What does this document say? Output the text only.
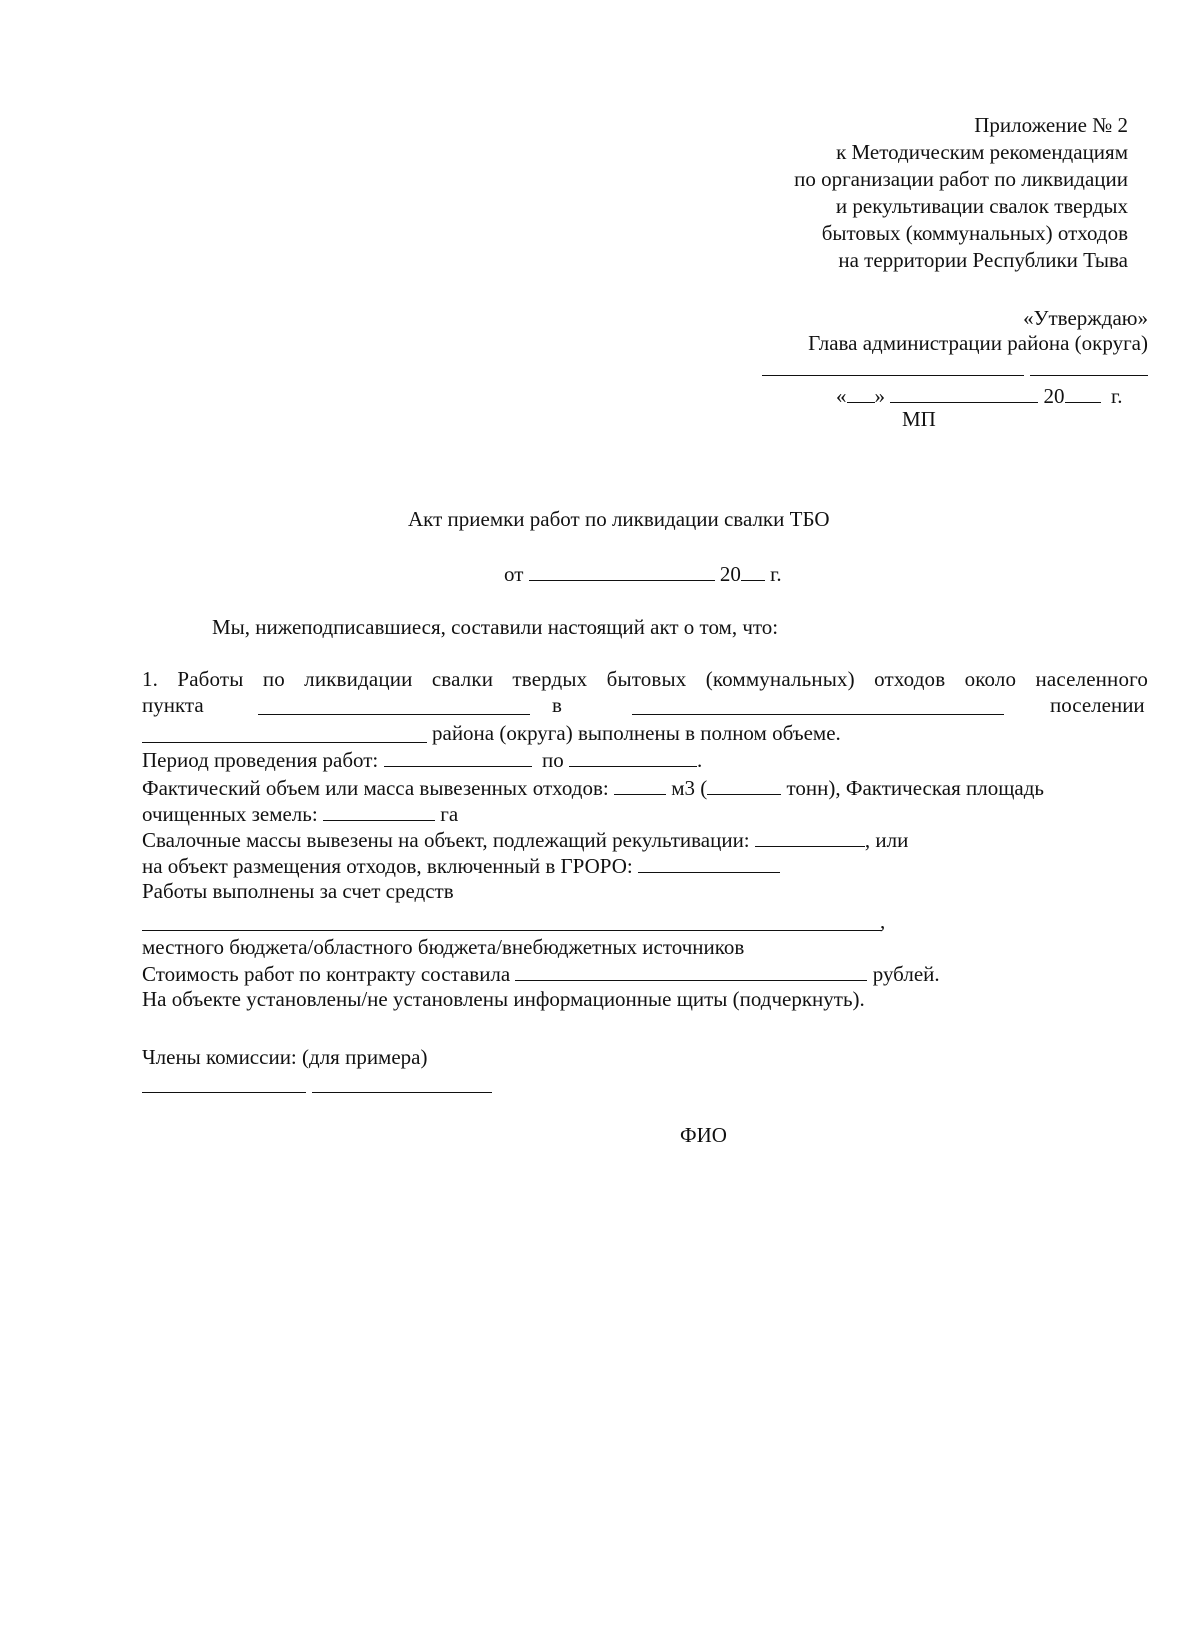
Приложение № 2
к Методическим рекомендациям
по организации работ по ликвидации
и рекультивации свалок твердых
бытовых (коммунальных) отходов
на территории Республики Тыва
«Утверждаю»
Глава администрации района (округа)
« »	20 г.
МП
Акт приемки работ по ликвидации свалки ТБО
от	20 г.
Мы, нижеподписавшиеся, составили настоящий акт о том, что:
1. Работы по ликвидации свалки твердых бытовых (коммунальных) отходов около населенного
пункта	в	поселении
района (округа) выполнены в полном объеме.
Период проведения работ:	по	.
Фактический объем или масса вывезенных отходов:	м3 (	тонн), Фактическая площадь
очищенных земель:	га
Свалочные массы вывезены на объект, подлежащий рекультивации:	, или
на объект размещения отходов, включенный в ГРОРО:
Работы выполнены за счет средств
,
местного бюджета/областного бюджета/внебюджетных источников
Стоимость работ по контракту составила	рублей.
На объекте установлены/не установлены информационные щиты (подчеркнуть).
Члены комиссии: (для примера)
ФИО
